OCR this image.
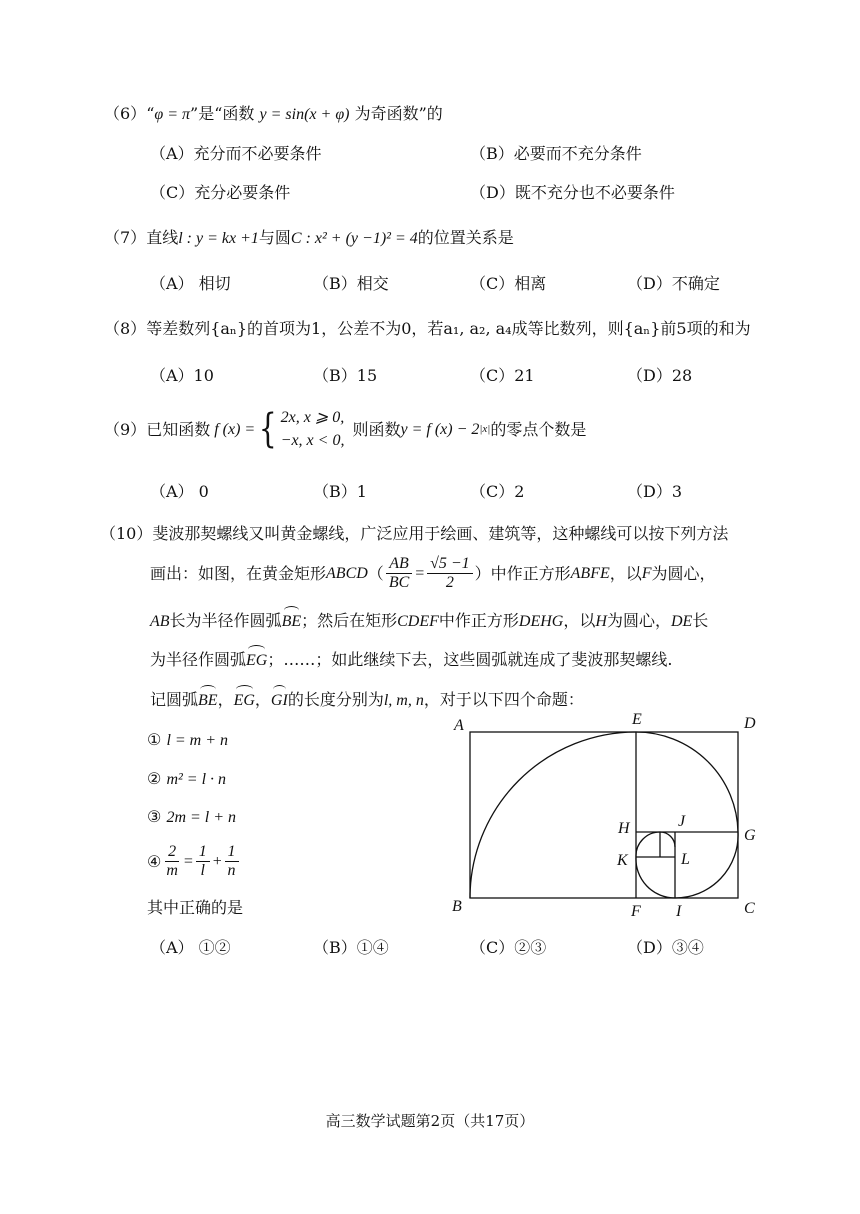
（6）“φ = π”是“函数 y = sin(x + φ) 为奇函数”的
（A）充分而不必要条件	（B）必要而不充分条件
（C）充分必要条件	（D）既不充分也不必要条件
（7）直线l : y = kx +1与圆C : x² + (y −1)² = 4的位置关系是
（A） 相切	（B）相交	（C）相离	（D）不确定
（8）等差数列{aₙ}的首项为1，公差不为0，若a₁, a₂, a₄成等比数列，则{aₙ}前5项的和为
（A）10	（B）15	（C）21	（D）28
（9） 已知函数 f (x) = { 2x, x ⩾ 0,
−x, x < 0,
则函数 y = f (x) − 2 |x| 的零点个数是
（A） 0	（B）1	（C）2	（D）3
（10）斐波那契螺线又叫黄金螺线，广泛应用于绘画、建筑等，这种螺线可以按下列方法
画出：如图，在黄金矩形 ABCD （ $\frac{AB}{BC} = \frac{√5 -1}{2}$ ）中作正方形 ABFE ，以 F 为圆心，
AB长为半径作圆弧BE；然后在矩形CDEF中作正方形DEHG，以H为圆心，DE长
为半径作圆弧EG；……；如此继续下去，这些圆弧就连成了斐波那契螺线.
记圆弧BE，EG，GI的长度分别为l, m, n，对于以下四个命题：
① l = m + n
② m² = l · n
③ 2m = l + n
④ $\frac{2}{m} = \frac{1}{l} + \frac{1}{n}$
其中正确的是
（A） ①②	（B）①④	（C）②③	（D）③④
A	E	D
H	J
G
K	L
B	F I	C
高三数学试题第2页（共17页）
